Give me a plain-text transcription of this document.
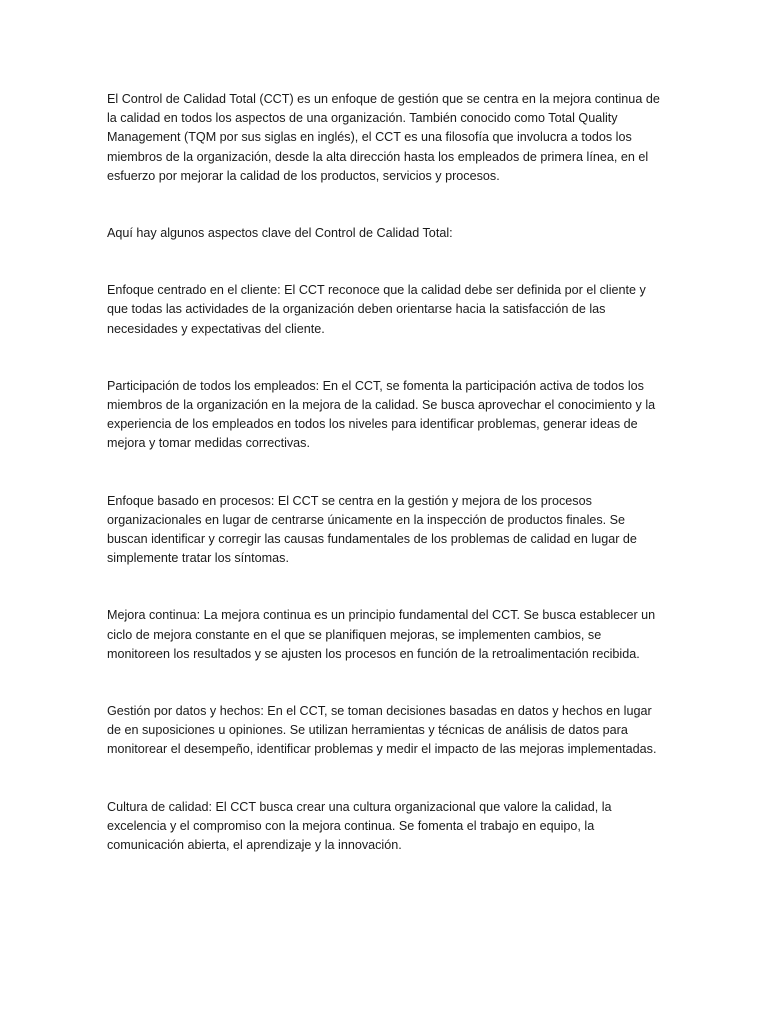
El Control de Calidad Total (CCT) es un enfoque de gestión que se centra en la mejora continua de la calidad en todos los aspectos de una organización. También conocido como Total Quality Management (TQM por sus siglas en inglés), el CCT es una filosofía que involucra a todos los miembros de la organización, desde la alta dirección hasta los empleados de primera línea, en el esfuerzo por mejorar la calidad de los productos, servicios y procesos.

Aquí hay algunos aspectos clave del Control de Calidad Total:

Enfoque centrado en el cliente: El CCT reconoce que la calidad debe ser definida por el cliente y que todas las actividades de la organización deben orientarse hacia la satisfacción de las necesidades y expectativas del cliente.

Participación de todos los empleados: En el CCT, se fomenta la participación activa de todos los miembros de la organización en la mejora de la calidad. Se busca aprovechar el conocimiento y la experiencia de los empleados en todos los niveles para identificar problemas, generar ideas de mejora y tomar medidas correctivas.

Enfoque basado en procesos: El CCT se centra en la gestión y mejora de los procesos organizacionales en lugar de centrarse únicamente en la inspección de productos finales. Se buscan identificar y corregir las causas fundamentales de los problemas de calidad en lugar de simplemente tratar los síntomas.

Mejora continua: La mejora continua es un principio fundamental del CCT. Se busca establecer un ciclo de mejora constante en el que se planifiquen mejoras, se implementen cambios, se monitoreen los resultados y se ajusten los procesos en función de la retroalimentación recibida.

Gestión por datos y hechos: En el CCT, se toman decisiones basadas en datos y hechos en lugar de en suposiciones u opiniones. Se utilizan herramientas y técnicas de análisis de datos para monitorear el desempeño, identificar problemas y medir el impacto de las mejoras implementadas.

Cultura de calidad: El CCT busca crear una cultura organizacional que valore la calidad, la excelencia y el compromiso con la mejora continua. Se fomenta el trabajo en equipo, la comunicación abierta, el aprendizaje y la innovación.
